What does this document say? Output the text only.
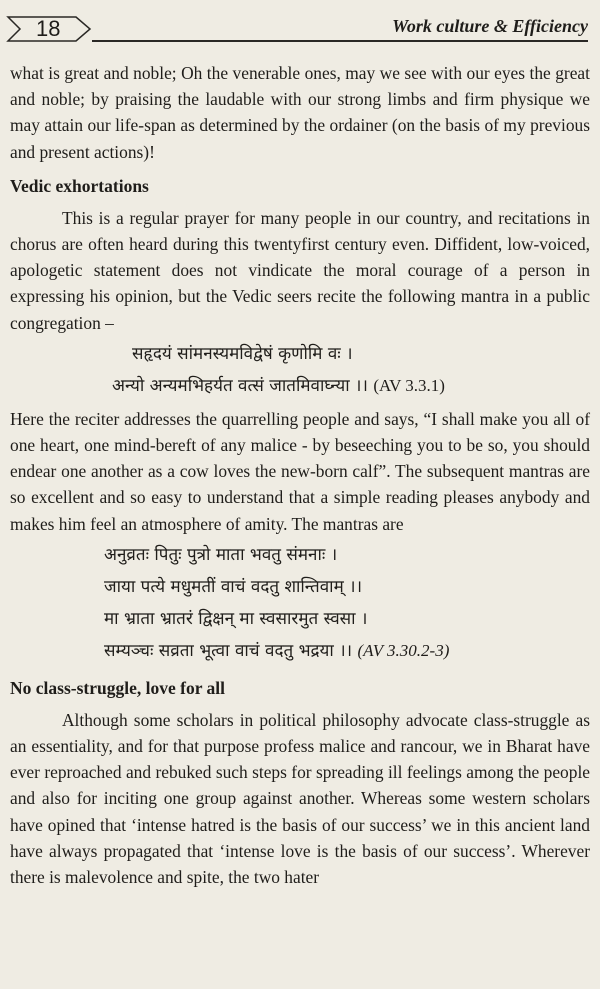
18	Work culture & Efficiency

what is great and noble; Oh the venerable ones, may we see with our eyes the great and noble; by praising the laudable with our strong limbs and firm physique we may attain our life-span as determined by the ordainer (on the basis of my previous and present actions)!

Vedic exhortations

This is a regular prayer for many people in our country, and recitations in chorus are often heard during this twentyfirst century even. Diffident, low-voiced, apologetic statement does not vindicate the moral courage of a person in expressing his opinion, but the Vedic seers recite the following mantra in a public congregation –

सहृदयं सांमनस्यमविद्वेषं कृणोमि वः ।
अन्यो अन्यमभिहर्यत वत्सं जातमिवाघ्न्या ।। (AV 3.3.1)

Here the reciter addresses the quarrelling people and says, “I shall make you all of one heart, one mind-bereft of any malice - by beseeching you to be so, you should endear one another as a cow loves the new-born calf”. The subsequent mantras are so excellent and so easy to understand that a simple reading pleases anybody and makes him feel an atmosphere of amity. The mantras are

अनुव्रतः पितुः पुत्रो माता भवतु संमनाः ।
जाया पत्ये मधुमतीं वाचं वदतु शान्तिवाम् ।।
मा भ्राता भ्रातरं द्विक्षन् मा स्वसारमुत स्वसा ।
सम्यञ्चः सव्रता भूत्वा वाचं वदतु भद्रया ।। (AV 3.30.2-3)
No class-struggle, love for all

Although some scholars in political philosophy advocate class-struggle as an essentiality, and for that purpose profess malice and rancour, we in Bharat have ever reproached and rebuked such steps for spreading ill feelings among the people and also for inciting one group against another. Whereas some western scholars have opined that ‘intense hatred is the basis of our success’ we in this ancient land have always propagated that ‘intense love is the basis of our success’. Wherever there is malevolence and spite, the two hater
